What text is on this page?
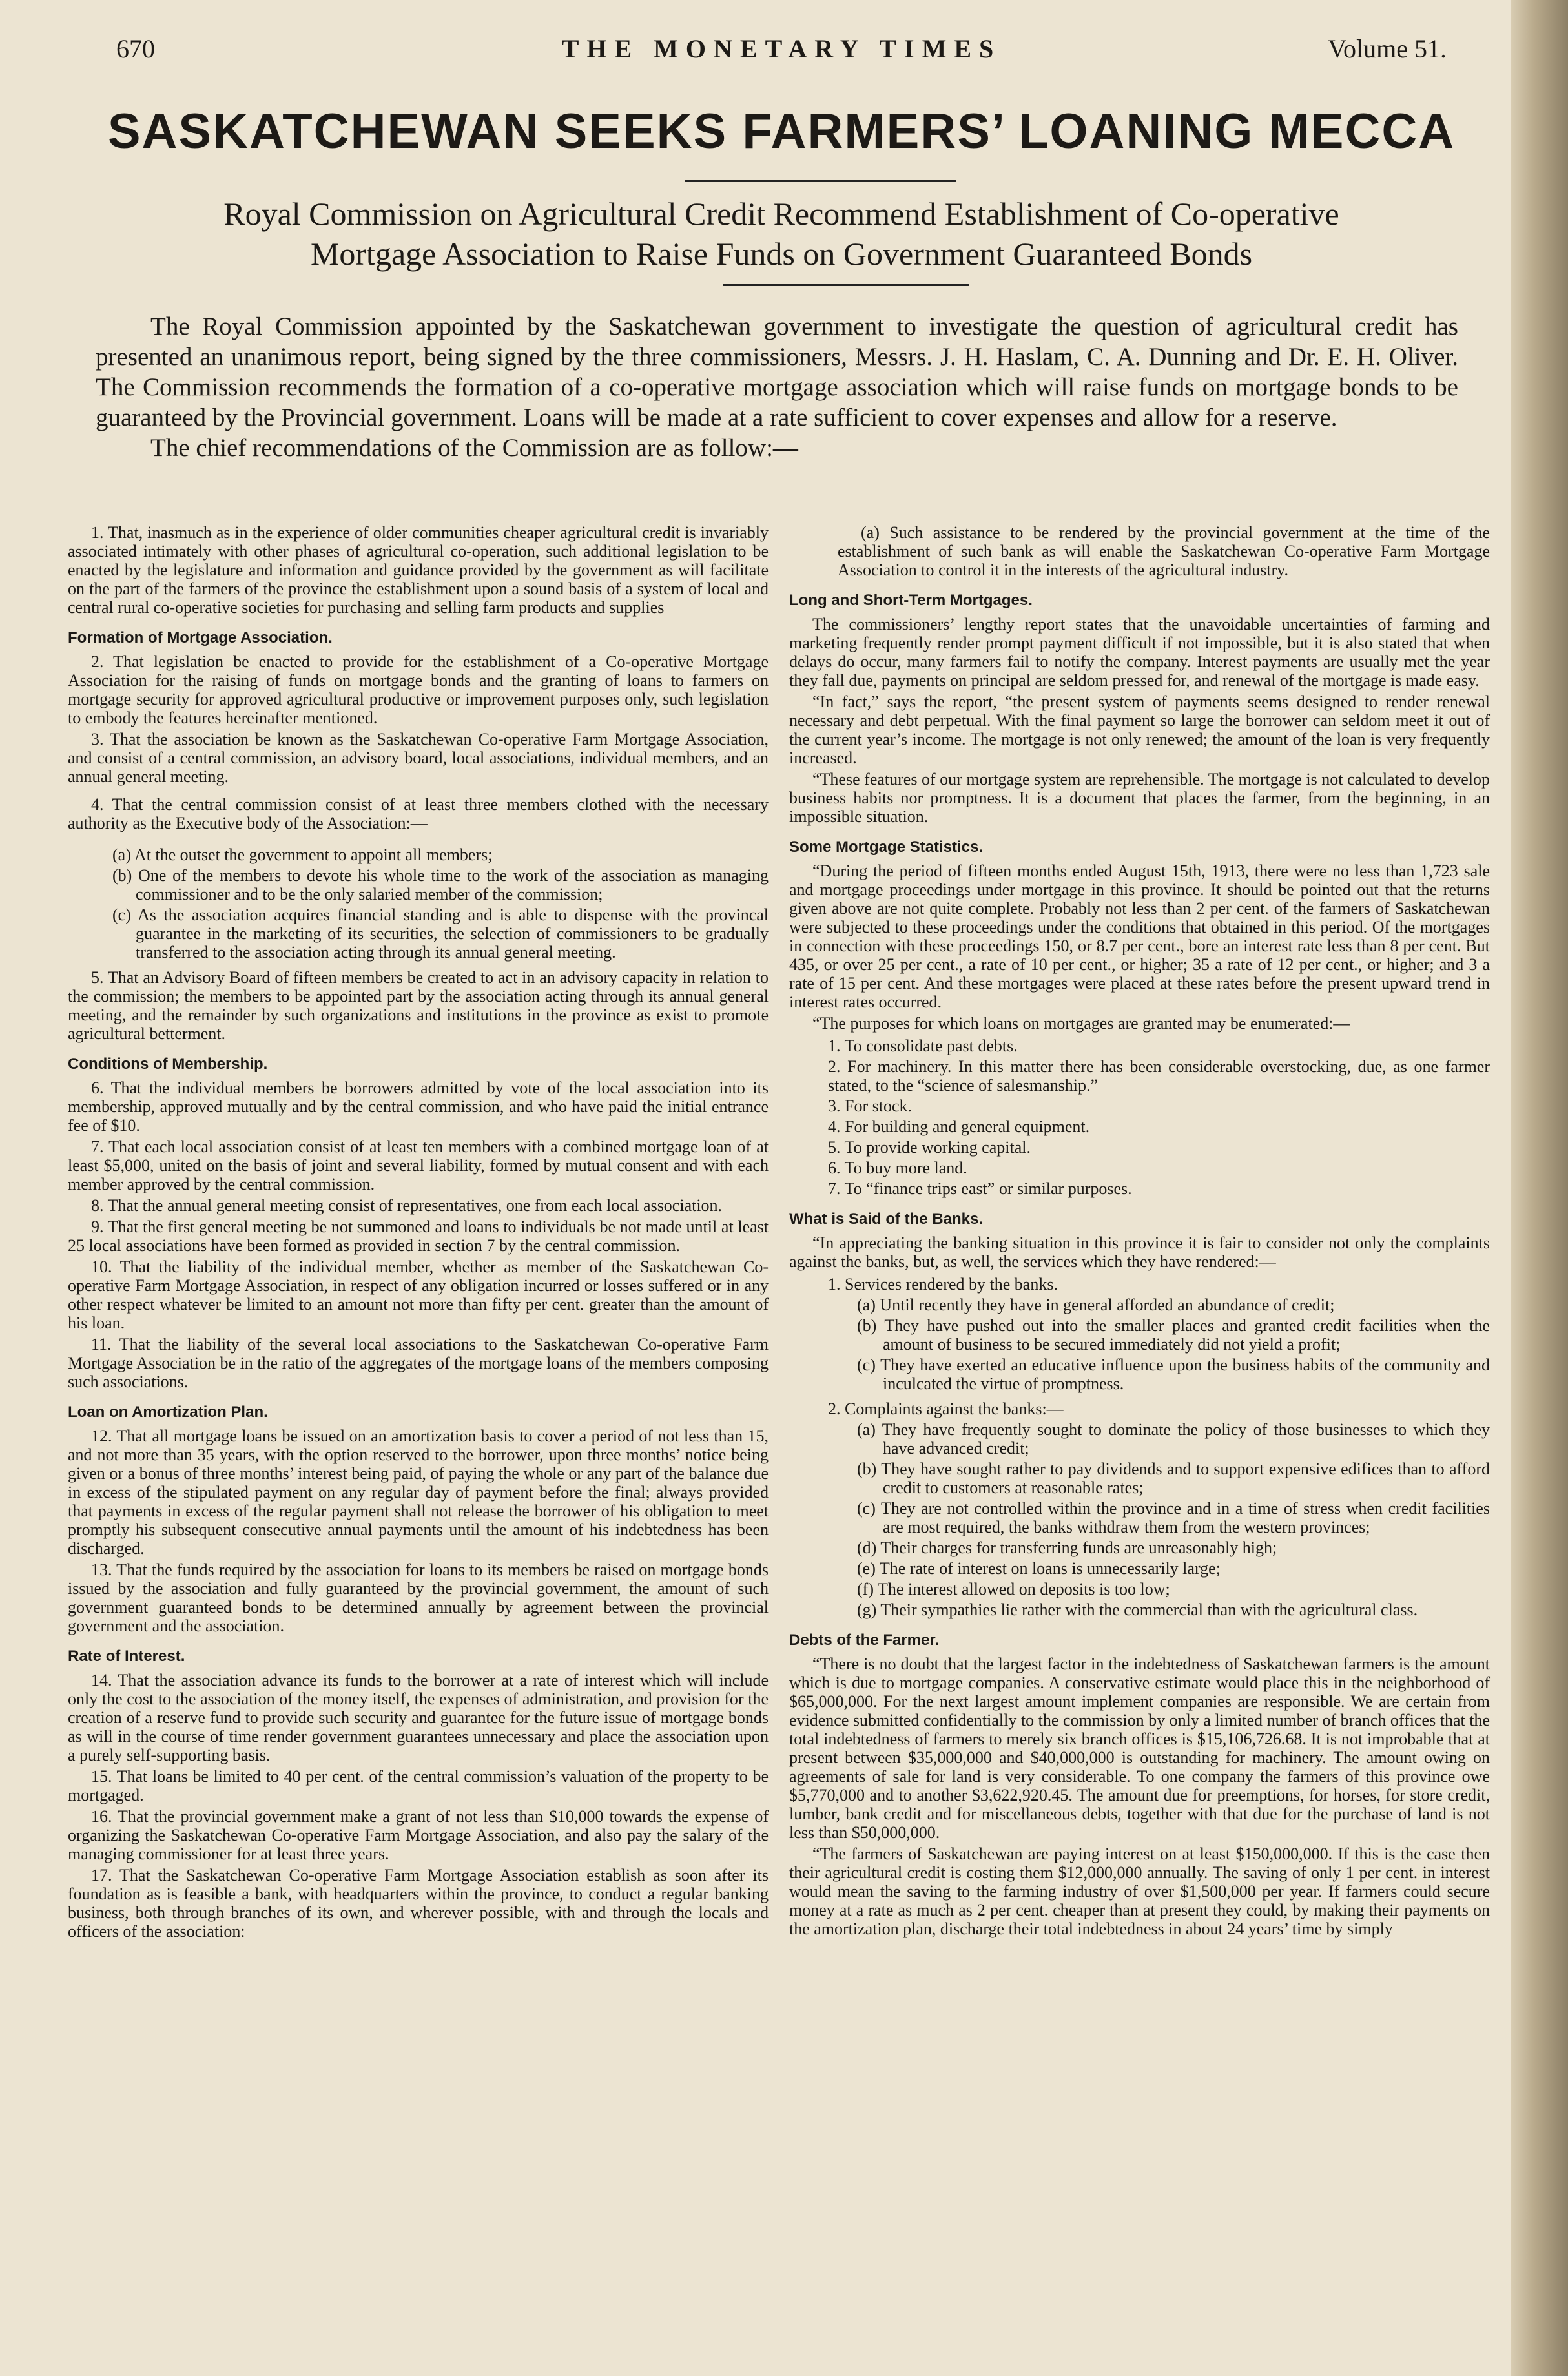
670	THE MONETARY TIMES	Volume 51.
SASKATCHEWAN SEEKS FARMERS’ LOANING MECCA
Royal Commission on Agricultural Credit Recommend Establishment of Co-operative
Mortgage Association to Raise Funds on Government Guaranteed Bonds

The Royal Commission appointed by the Saskatchewan government to investigate the question of agricultural credit has presented an unanimous report, being signed by the three commissioners, Messrs. J. H. Haslam, C. A. Dunning and Dr. E. H. Oliver. The Commission recommends the formation of a co-operative mortgage association which will raise funds on mortgage bonds to be guaranteed by the Provincial government. Loans will be made at a rate sufficient to cover expenses and allow for a reserve.

The chief recommendations of the Commission are as follow:—

1. That, inasmuch as in the experience of older communities cheaper agricultural credit is invariably associated intimately with other phases of agricultural co-operation, such additional legislation to be enacted by the legislature and information and guidance provided by the government as will facilitate on the part of the farmers of the province the establishment upon a sound basis of a system of local and central rural co-operative societies for purchasing and selling farm products and supplies

Formation of Mortgage Association.

2. That legislation be enacted to provide for the establishment of a Co-operative Mortgage Association for the raising of funds on mortgage bonds and the granting of loans to farmers on mortgage security for approved agricultural productive or improvement purposes only, such legislation to embody the features hereinafter mentioned.

3. That the association be known as the Saskatchewan Co-operative Farm Mortgage Association, and consist of a central commission, an advisory board, local associations, individual members, and an annual general meeting.

4. That the central commission consist of at least three members clothed with the necessary authority as the Executive body of the Association:—

(a) At the outset the government to appoint all members;
(b) One of the members to devote his whole time to the work of the association as managing commissioner and to be the only salaried member of the commission;
(c) As the association acquires financial standing and is able to dispense with the provincal guarantee in the marketing of its securities, the selection of commissioners to be gradually transferred to the association acting through its annual general meeting.

5. That an Advisory Board of fifteen members be created to act in an advisory capacity in relation to the commission; the members to be appointed part by the association acting through its annual general meeting, and the remainder by such organizations and institutions in the province as exist to promote agricultural betterment.

Conditions of Membership.

6. That the individual members be borrowers admitted by vote of the local association into its membership, approved mutually and by the central commission, and who have paid the initial entrance fee of $10.

7. That each local association consist of at least ten members with a combined mortgage loan of at least $5,000, united on the basis of joint and several liability, formed by mutual consent and with each member approved by the central commission.

8. That the annual general meeting consist of representatives, one from each local association.

9. That the first general meeting be not summoned and loans to individuals be not made until at least 25 local associations have been formed as provided in section 7 by the central commission.

10. That the liability of the individual member, whether as member of the Saskatchewan Co-operative Farm Mortgage Association, in respect of any obligation incurred or losses suffered or in any other respect whatever be limited to an amount not more than fifty per cent. greater than the amount of his loan.

11. That the liability of the several local associations to the Saskatchewan Co-operative Farm Mortgage Association be in the ratio of the aggregates of the mortgage loans of the members composing such associations.

Loan on Amortization Plan.

12. That all mortgage loans be issued on an amortization basis to cover a period of not less than 15, and not more than 35 years, with the option reserved to the borrower, upon three months’ notice being given or a bonus of three months’ interest being paid, of paying the whole or any part of the balance due in excess of the stipulated payment on any regular day of payment before the final; always provided that payments in excess of the regular payment shall not release the borrower of his obligation to meet promptly his subsequent consecutive annual payments until the amount of his indebtedness has been discharged.

13. That the funds required by the association for loans to its members be raised on mortgage bonds issued by the association and fully guaranteed by the provincial government, the amount of such government guaranteed bonds to be determined annually by agreement between the provincial government and the association.

Rate of Interest.

14. That the association advance its funds to the borrower at a rate of interest which will include only the cost to the association of the money itself, the expenses of administration, and provision for the creation of a reserve fund to provide such security and guarantee for the future issue of mortgage bonds as will in the course of time render government guarantees unnecessary and place the association upon a purely self-supporting basis.

15. That loans be limited to 40 per cent. of the central commission’s valuation of the property to be mortgaged.

16. That the provincial government make a grant of not less than $10,000 towards the expense of organizing the Saskatchewan Co-operative Farm Mortgage Association, and also pay the salary of the managing commissioner for at least three years.

17. That the Saskatchewan Co-operative Farm Mortgage Association establish as soon after its foundation as is feasible a bank, with headquarters within the province, to conduct a regular banking business, both through branches of its own, and wherever possible, with and through the locals and officers of the association:

(a) Such assistance to be rendered by the provincial government at the time of the establishment of such bank as will enable the Saskatchewan Co-operative Farm Mortgage Association to control it in the interests of the agricultural industry.

Long and Short-Term Mortgages.

The commissioners’ lengthy report states that the unavoidable uncertainties of farming and marketing frequently render prompt payment difficult if not impossible, but it is also stated that when delays do occur, many farmers fail to notify the company. Interest payments are usually met the year they fall due, payments on principal are seldom pressed for, and renewal of the mortgage is made easy.

“In fact,” says the report, “the present system of payments seems designed to render renewal necessary and debt perpetual. With the final payment so large the borrower can seldom meet it out of the current year’s income. The mortgage is not only renewed; the amount of the loan is very frequently increased.

“These features of our mortgage system are reprehensible. The mortgage is not calculated to develop business habits nor promptness. It is a document that places the farmer, from the beginning, in an impossible situation.

Some Mortgage Statistics.

“During the period of fifteen months ended August 15th, 1913, there were no less than 1,723 sale and mortgage proceedings under mortgage in this province. It should be pointed out that the returns given above are not quite complete. Probably not less than 2 per cent. of the farmers of Saskatchewan were subjected to these proceedings under the conditions that obtained in this period. Of the mortgages in connection with these proceedings 150, or 8.7 per cent., bore an interest rate less than 8 per cent. But 435, or over 25 per cent., a rate of 10 per cent., or higher; 35 a rate of 12 per cent., or higher; and 3 a rate of 15 per cent. And these mortgages were placed at these rates before the present upward trend in interest rates occurred.

“The purposes for which loans on mortgages are granted may be enumerated:—

1. To consolidate past debts.
2. For machinery. In this matter there has been considerable overstocking, due, as one farmer stated, to the “science of salesmanship.”
3. For stock.
4. For building and general equipment.
5. To provide working capital.
6. To buy more land.
7. To “finance trips east” or similar purposes.
What is Said of the Banks.

“In appreciating the banking situation in this province it is fair to consider not only the complaints against the banks, but, as well, the services which they have rendered:—

1. Services rendered by the banks.
(a) Until recently they have in general afforded an abundance of credit;
(b) They have pushed out into the smaller places and granted credit facilities when the amount of business to be secured immediately did not yield a profit;
(c) They have exerted an educative influence upon the business habits of the community and inculcated the virtue of promptness.
2. Complaints against the banks:—
(a) They have frequently sought to dominate the policy of those businesses to which they have advanced credit;
(b) They have sought rather to pay dividends and to support expensive edifices than to afford credit to customers at reasonable rates;
(c) They are not controlled within the province and in a time of stress when credit facilities are most required, the banks withdraw them from the western provinces;
(d) Their charges for transferring funds are unreasonably high;
(e) The rate of interest on loans is unnecessarily large;
(f) The interest allowed on deposits is too low;
(g) Their sympathies lie rather with the commercial than with the agricultural class.
Debts of the Farmer.

“There is no doubt that the largest factor in the indebtedness of Saskatchewan farmers is the amount which is due to mortgage companies. A conservative estimate would place this in the neighborhood of $65,000,000. For the next largest amount implement companies are responsible. We are certain from evidence submitted confidentially to the commission by only a limited number of branch offices that the total indebtedness of farmers to merely six branch offices is $15,106,726.68. It is not improbable that at present between $35,000,000 and $40,000,000 is outstanding for machinery. The amount owing on agreements of sale for land is very considerable. To one company the farmers of this province owe $5,770,000 and to another $3,622,920.45. The amount due for preemptions, for horses, for store credit, lumber, bank credit and for miscellaneous debts, together with that due for the purchase of land is not less than $50,000,000.

“The farmers of Saskatchewan are paying interest on at least $150,000,000. If this is the case then their agricultural credit is costing them $12,000,000 annually. The saving of only 1 per cent. in interest would mean the saving to the farming industry of over $1,500,000 per year. If farmers could secure money at a rate as much as 2 per cent. cheaper than at present they could, by making their payments on the amortization plan, discharge their total indebtedness in about 24 years’ time by simply
